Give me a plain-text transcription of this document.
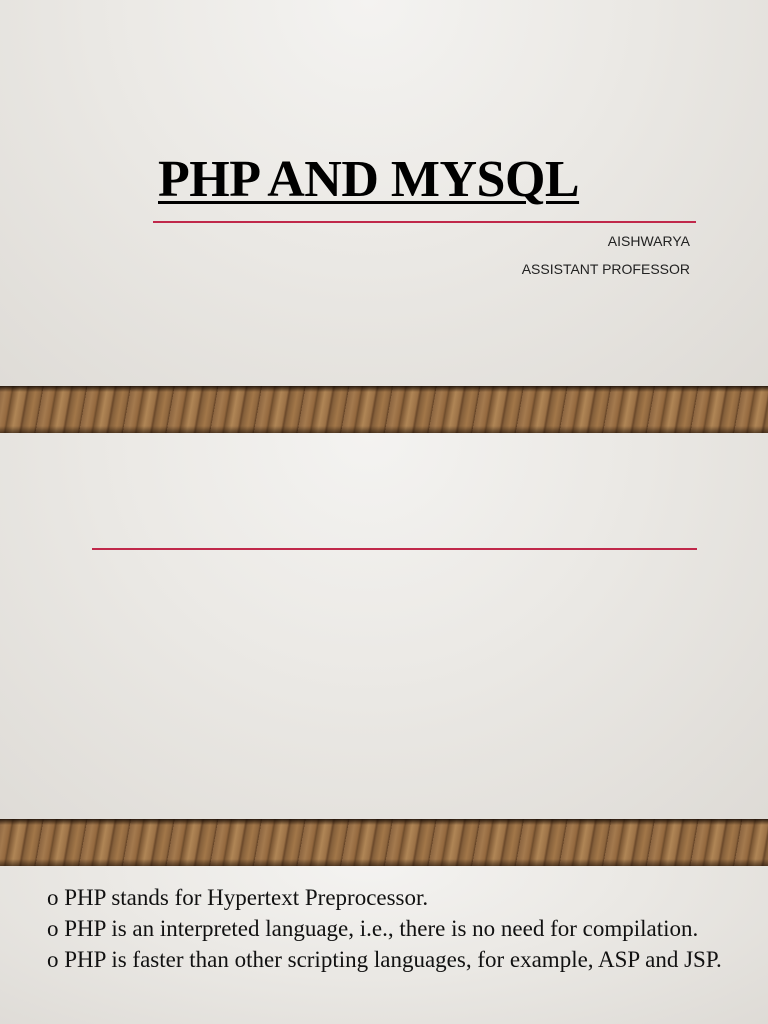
PHP AND MYSQL
AISHWARYA
ASSISTANT PROFESSOR

o PHP stands for Hypertext Preprocessor.
o PHP is an interpreted language, i.e., there is no need for compilation.
o PHP is faster than other scripting languages, for example, ASP and JSP.
